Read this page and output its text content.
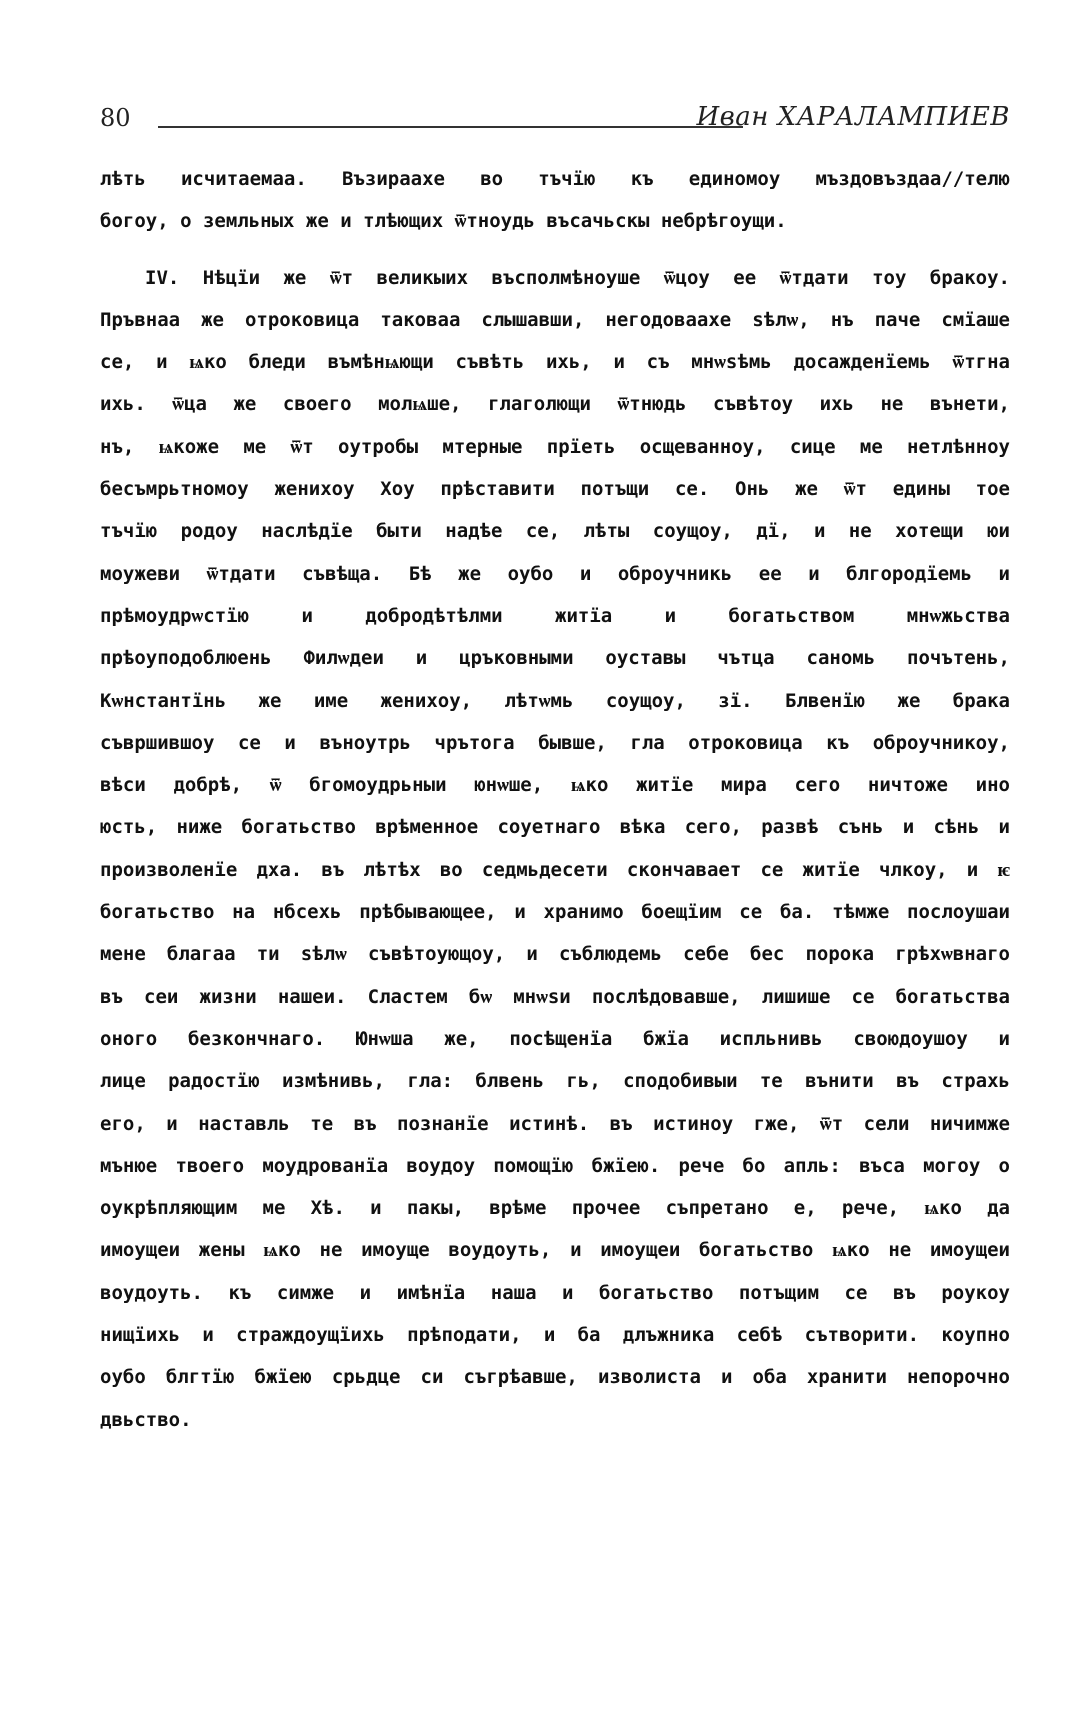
80	Иван ХАРАЛАМПИЕВ
лѣть исчитаемаа. Възираахе во тъчїю къ единомоу мъздовъздаа//телю
богоу, о земльных же и тлѣющих ѿтноудь въсачьскы небрѣгоущи.
IV. Нѣцїи же ѿт великыих въсполмѣноуше ѿцоу ее ѿтдати тоу бракоу.
Пръвнаа же отроковица таковаа слышавши, негодоваахе ѕѣлѡ, нъ паче смїаше
се, и ѩко бледи въмѣнѩющи съвѣть ихь, и съ мнѡѕѣмь досажденїемь ѿтгна
ихь. ѿца же своего молѩше, глаголющи ѿтнюдь съвѣтоу ихь не вънети,
нъ, ѩкоже ме ѿт оутробы мтерные прїеть осщеванноу, сице ме нетлѣнноу
бесъмрьтномоу женихоу Хоу прѣставити потъщи се. Онь же ѿт едины тое
тъчїю родоу наслѣдїе быти надѣе се, лѣты соущоу, дї, и не хотещи юи
моужеви ѿтдати съвѣща. Бѣ же оубо и оброучникь ее и блгородїемь и
прѣмоудрѡстїю и добродѣтѣлми житїа и богатьством мнѡжьства
прѣоуподоблюень Филѡдеи и цръковными оуставы чътца саномь почътень,
Кѡнстантїнь же име женихоу, лѣтѡмь соущоу, зї. Блвенїю же брака
съвршившоу се и въноутрь чрътога бывше, гла отроковица къ оброучникоу,
вѣси добрѣ, ѿ бгомоудрьныи юнѡше, ѩко житїе мира сего ничтоже ино
юсть, ниже богатьство врѣменное соуетнаго вѣка сего, развѣ сънь и сѣнь и
произволенїе дха. въ лѣтѣх во седмьдесети скончавает се житїе члкоу, и ѥ
богатьство на нбсехь прѣбывающее, и хранимо боещїим се ба. тѣмже послоушаи
мене благаа ти ѕѣлѡ съвѣтоующоу, и съблюдемь себе бес порока грѣхѡвнаго
въ сеи жизни нашеи. Сластем бѡ мнѡѕи послѣдовавше, лишише се богатьства
оного безкончнаго. Юнѡша же, посѣщенїа бжїа испльнивь своюдоушоу и
лице радостїю измѣнивь, гла: блвень гь, сподобивыи те вънити въ страхь
его, и наставль те въ познанїе истинѣ. въ истиноу гже, ѿт сели ничимже
мънюе твоего моудрованїа воудоу помощїю бжїею. рече бо апль: въса могоу о
оукрѣпляющим ме Хѣ. и пакы, врѣме прочее съпретано е, рече, ѩко да
имоущеи жены ѩко не имоуще воудоуть, и имоущеи богатьство ѩко не имоущеи
воудоуть. къ симже и имѣнїа наша и богатьство потъщим се въ роукоу
нищїихь и страждоущїихь прѣподати, и ба длъжника себѣ сътворити. коупно
оубо блгтїю бжїею срьдце си съгрѣавше, изволиста и оба хранити непорочно
двьство.
